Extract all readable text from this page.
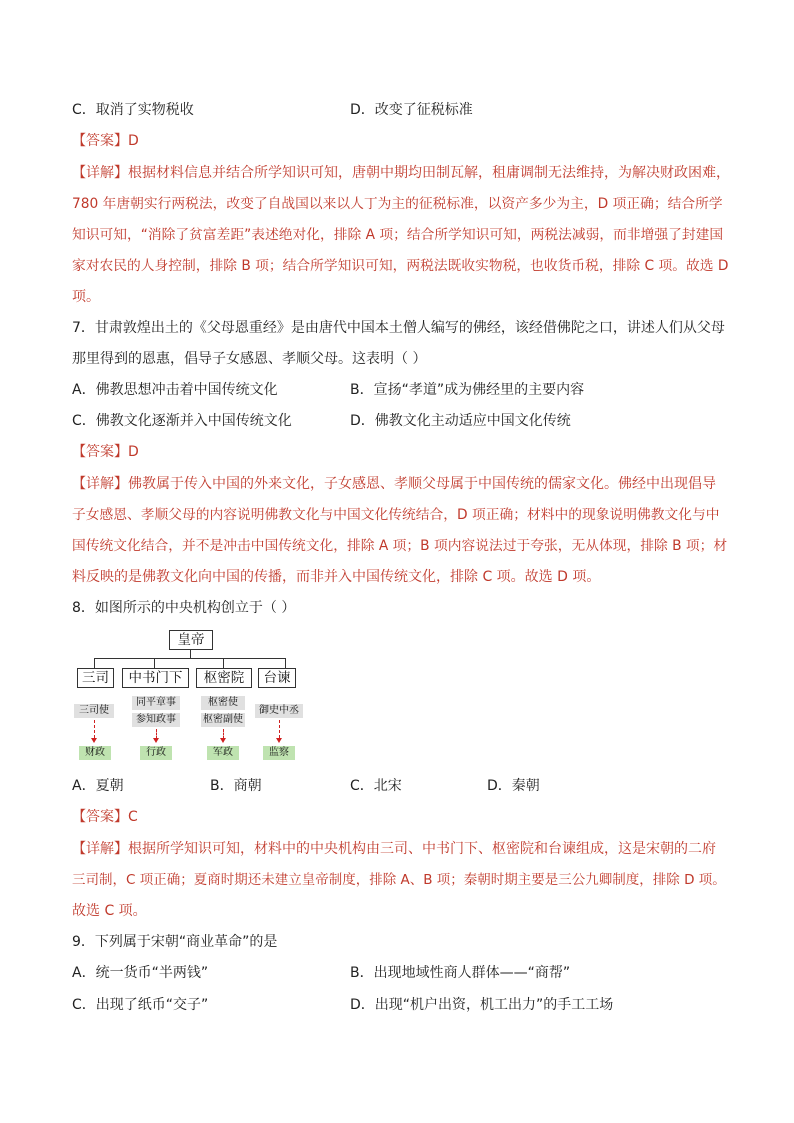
C．取消了实物税收	D．改变了征税标准
【答案】D
【详解】根据材料信息并结合所学知识可知，唐朝中期均田制瓦解，租庸调制无法维持，为解决财政困难，
780 年唐朝实行两税法，改变了自战国以来以人丁为主的征税标准，以资产多少为主，D 项正确；结合所学
知识可知，“消除了贫富差距”表述绝对化，排除 A 项；结合所学知识可知，两税法减弱，而非增强了封建国
家对农民的人身控制，排除 B 项；结合所学知识可知，两税法既收实物税，也收货币税，排除 C 项。故选 D
项。
7．甘肃敦煌出土的《父母恩重经》是由唐代中国本土僧人编写的佛经，该经借佛陀之口，讲述人们从父母
那里得到的恩惠，倡导子女感恩、孝顺父母。这表明（ ）
A．佛教思想冲击着中国传统文化	B．宣扬“孝道”成为佛经里的主要内容
C．佛教文化逐渐并入中国传统文化	D．佛教文化主动适应中国文化传统
【答案】D
【详解】佛教属于传入中国的外来文化，子女感恩、孝顺父母属于中国传统的儒家文化。佛经中出现倡导
子女感恩、孝顺父母的内容说明佛教文化与中国文化传统结合，D 项正确；材料中的现象说明佛教文化与中
国传统文化结合，并不是冲击中国传统文化，排除 A 项；B 项内容说法过于夸张，无从体现，排除 B 项；材
料反映的是佛教文化向中国的传播，而非并入中国传统文化，排除 C 项。故选 D 项。
8．如图所示的中央机构创立于（ ）
皇帝
三司	中书门下	枢密院	台谏
三司使
同平章事
参知政事
枢密使
枢密副使
御史中丞
财政	行政	军政	监察
A．夏朝	B．商朝	C．北宋	D．秦朝
【答案】C
【详解】根据所学知识可知，材料中的中央机构由三司、中书门下、枢密院和台谏组成，这是宋朝的二府
三司制，C 项正确；夏商时期还未建立皇帝制度，排除 A、B 项；秦朝时期主要是三公九卿制度，排除 D 项。
故选 C 项。
9．下列属于宋朝“商业革命”的是
A．统一货币“半两钱”	B．出现地域性商人群体——“商帮”
C．出现了纸币“交子”	D．出现“机户出资，机工出力”的手工工场
